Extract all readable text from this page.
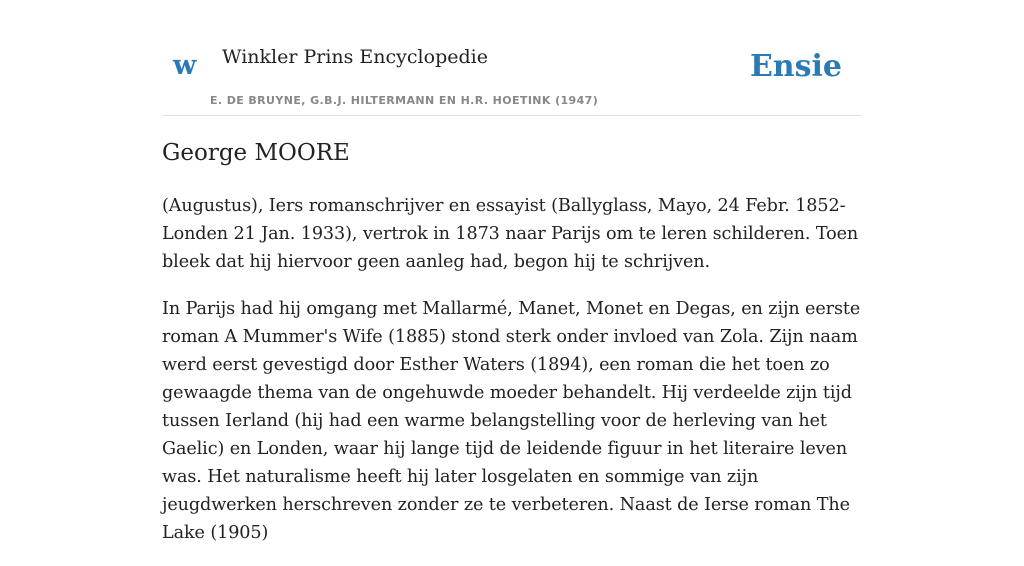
w Winkler Prins Encyclopedie
E. DE BRUYNE, G.B.J. HILTERMANN EN H.R. HOETINK (1947)
Ensie
George MOORE

(Augustus), Iers romanschrijver en essayist (Ballyglass, Mayo, 24 Febr. 1852-Londen 21 Jan. 1933), vertrok in 1873 naar Parijs om te leren schilderen. Toen bleek dat hij hiervoor geen aanleg had, begon hij te schrijven.

In Parijs had hij omgang met Mallarmé, Manet, Monet en Degas, en zijn eerste roman A Mummer's Wife (1885) stond sterk onder invloed van Zola. Zijn naam werd eerst gevestigd door Esther Waters (1894), een roman die het toen zo gewaagde thema van de ongehuwde moeder behandelt. Hij verdeelde zijn tijd tussen Ierland (hij had een warme belangstelling voor de herleving van het Gaelic) en Londen, waar hij lange tijd de leidende figuur in het literaire leven was. Het naturalisme heeft hij later losgelaten en sommige van zijn jeugdwerken herschreven zonder ze te verbeteren. Naast de Ierse roman The Lake (1905)
